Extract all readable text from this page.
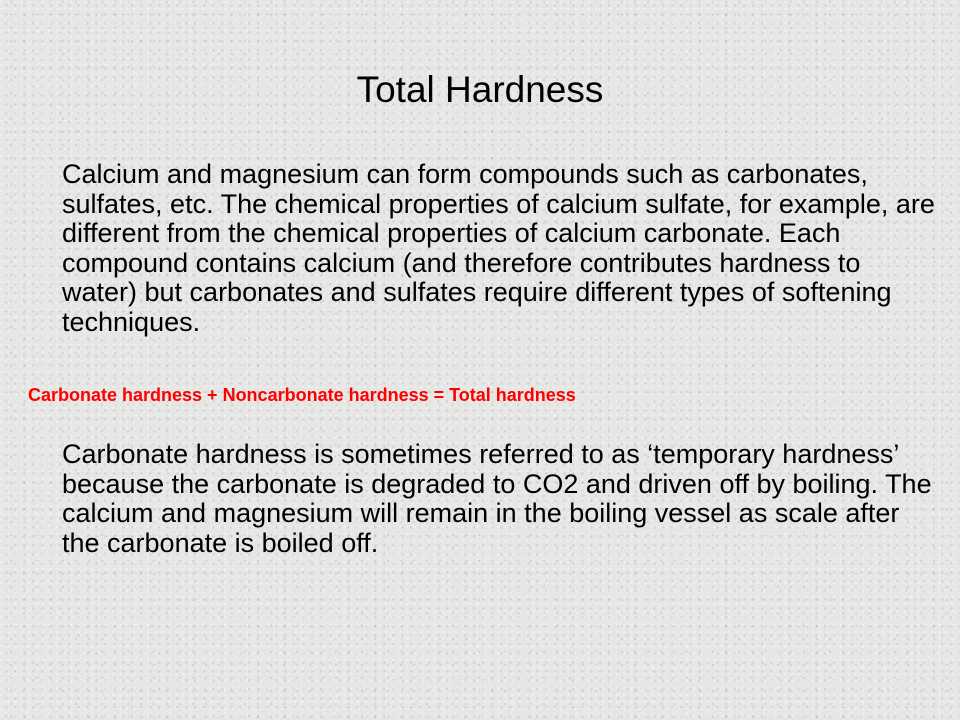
Total Hardness

Calcium and magnesium can form compounds such as carbonates, sulfates, etc. The chemical properties of calcium sulfate, for example, are different from the chemical properties of calcium carbonate. Each compound contains calcium (and therefore contributes hardness to water) but carbonates and sulfates require different types of softening techniques.

Carbonate hardness + Noncarbonate hardness = Total hardness

Carbonate hardness is sometimes referred to as ‘temporary hardness’ because the carbonate is degraded to CO2 and driven off by boiling. The calcium and magnesium will remain in the boiling vessel as scale after the carbonate is boiled off.
